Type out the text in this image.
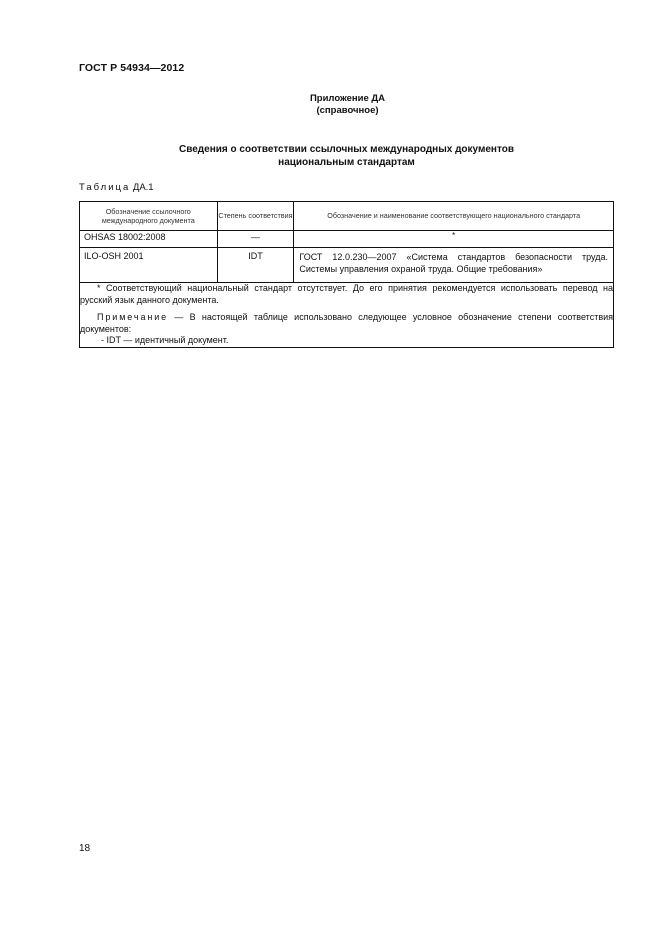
ГОСТ Р 54934—2012
Приложение ДА
(справочное)
Сведения о соответствии ссылочных международных документов
национальным стандартам
Таблица ДА.1
Обозначение ссылочного международного документа	Степень соответствия	Обозначение и наименование соответствующего национального стандарта
OHSAS 18002:2008	—	*
ILO-OSH 2001	IDT	ГОСТ 12.0.230—2007 «Система стандартов безопасности труда. Системы управления охраной труда. Общие требования»

* Соответствующий национальный стандарт отсутствует. До его принятия рекомендуется использовать перевод на русский язык данного документа.

Примечание — В настоящей таблице использовано следующее условное обозначение степени соответствия документов:

- IDT — идентичный документ.		

18
